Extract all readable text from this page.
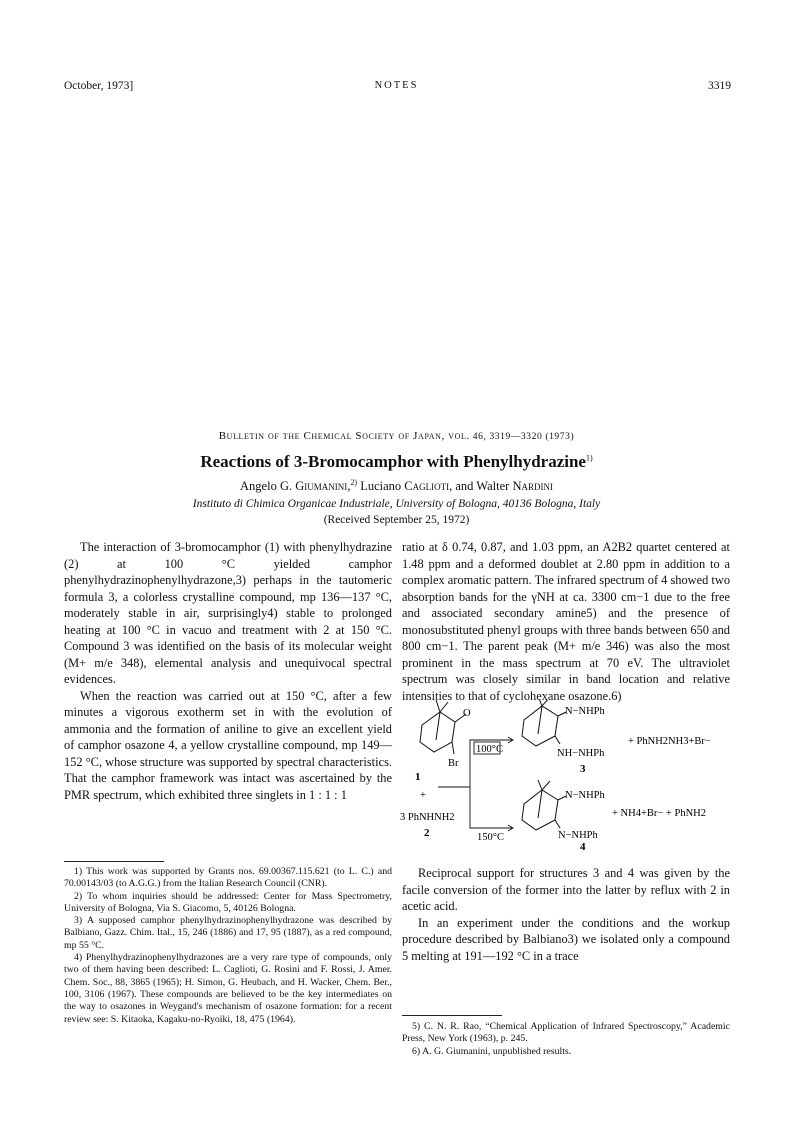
October, 1973]	NOTES	3319
Bulletin of the Chemical Society of Japan, vol. 46, 3319—3320 (1973)
Reactions of 3-Bromocamphor with Phenylhydrazine$^{1)}$
Angelo G. Giumanini,$^{2)}$ Luciano Caglioti, and Walter Nardini
Instituto di Chimica Organicae Industriale, University of Bologna, 40136 Bologna, Italy
(Received September 25, 1972)

The interaction of 3-bromocamphor (1) with phenylhydrazine (2) at 100 °C yielded camphor phenylhydrazinophenylhydrazone,3) perhaps in the tautomeric formula 3, a colorless crystalline compound, mp 136—137 °C, moderately stable in air, surprisingly4) stable to prolonged heating at 100 °C in vacuo and treatment with 2 at 150 °C. Compound 3 was identified on the basis of its molecular weight (M+ m/e 348), elemental analysis and unequivocal spectral evidences.

When the reaction was carried out at 150 °C, after a few minutes a vigorous exotherm set in with the evolution of ammonia and the formation of aniline to give an excellent yield of camphor osazone 4, a yellow crystalline compound, mp 149—152 °C, whose structure was supported by spectral characteristics. That the camphor framework was intact was ascertained by the PMR spectrum, which exhibited three singlets in 1 : 1 : 1

1) This work was supported by Grants nos. 69.00367.115.621 (to L. C.) and 70.00143/03 (to A.G.G.) from the Italian Research Council (CNR).

2) To whom inquiries should be addressed: Center for Mass Spectrometry, University of Bologna, Via S. Giacomo, 5, 40126 Bologna.

3) A supposed camphor phenylhydrazinophenylhydrazone was described by Balbiano, Gazz. Chim. Ital., 15, 246 (1886) and 17, 95 (1887), as a red compound, mp 55 °C.

4) Phenylhydrazinophenylhydrazones are a very rare type of compounds, only two of them having been described: L. Caglioti, G. Rosini and F. Rossi, J. Amer. Chem. Soc., 88, 3865 (1965); H. Simon, G. Heubach, and H. Wacker, Chem. Ber., 100, 3106 (1967). These compounds are believed to be the key intermediates on the way to osazones in Weygand's mechanism of osazone formation: for a recent review see: S. Kitaoka, Kagaku-no-Ryoiki, 18, 475 (1964).

ratio at δ 0.74, 0.87, and 1.03 ppm, an A2B2 quartet centered at 1.48 ppm and a deformed doublet at 2.80 ppm in addition to a complex aromatic pattern. The infrared spectrum of 4 showed two absorption bands for the γNH at ca. 3300 cm−1 due to the free and associated secondary amine5) and the presence of monosubstituted phenyl groups with three bands between 650 and 800 cm−1. The parent peak (M+ m/e 346) was also the most prominent in the mass spectrum at 70 eV. The ultraviolet spectrum was closely similar in band location and relative intensities to that of cyclohexane osazone.6)

O
Br
1
+
3 PhNHNH2
2
100°C
150°C
N−NHPh
NH−NHPh
3
+ PhNH2NH3+Br−
N−NHPh
N−NHPh
4
+ NH4+Br− + PhNH2

Reciprocal support for structures 3 and 4 was given by the facile conversion of the former into the latter by reflux with 2 in acetic acid.

In an experiment under the conditions and the workup procedure described by Balbiano3) we isolated only a compound 5 melting at 191—192 °C in a trace

5) C. N. R. Rao, “Chemical Application of Infrared Spectroscopy,” Academic Press, New York (1963), p. 245.

6) A. G. Giumanini, unpublished results.
